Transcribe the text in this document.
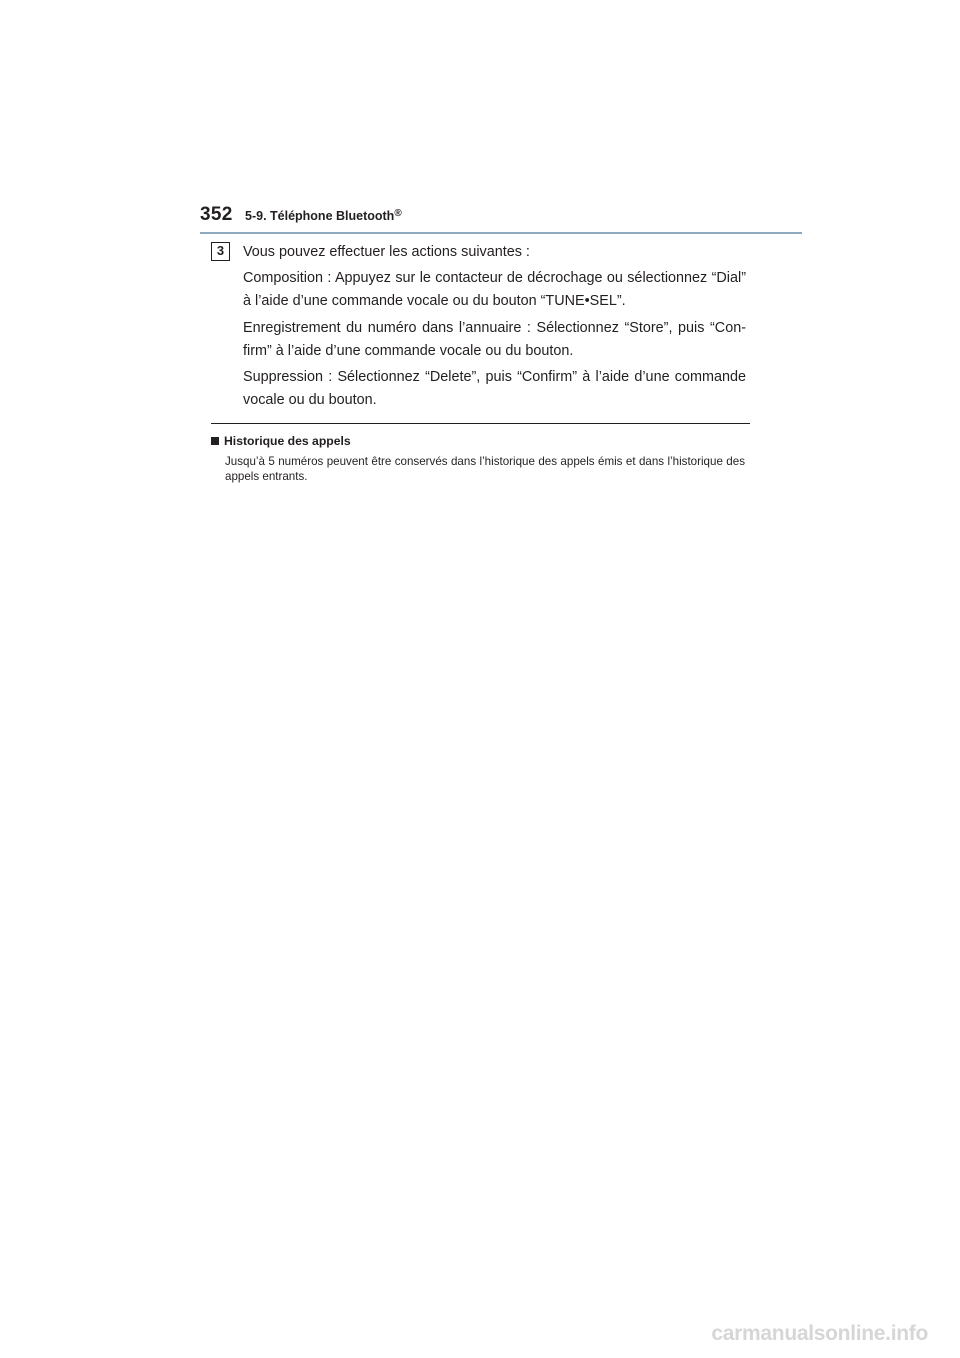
352 5-9. Téléphone Bluetooth®
3	Vous pouvez effectuer les actions suivantes :

Composition : Appuyez sur le contacteur de décrochage ou sélectionnez “Dial” à l’aide d’une commande vocale ou du bouton “TUNE•SEL”.

Enregistrement du numéro dans l’annuaire : Sélectionnez “Store”, puis “Con-firm” à l’aide d’une commande vocale ou du bouton.

Suppression : Sélectionnez “Delete”, puis “Confirm” à l’aide d’une commande vocale ou du bouton.

Historique des appels

Jusqu’à 5 numéros peuvent être conservés dans l’historique des appels émis et dans l’historique des appels entrants.

carmanualsonline.info
